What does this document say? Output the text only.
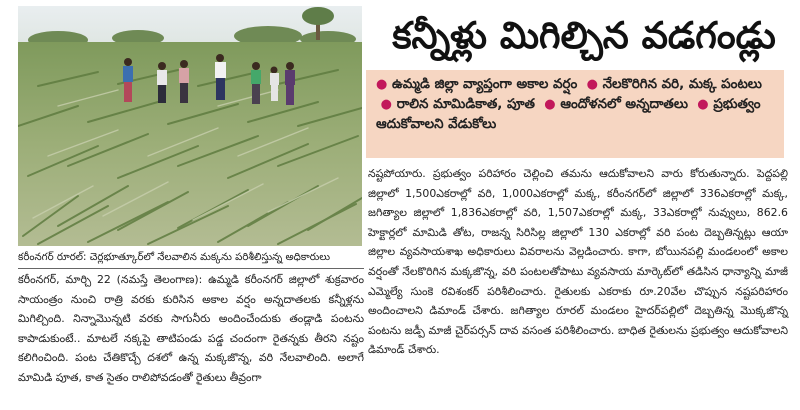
కరీంనగర్ రూరల్: చెర్లభూత్కూర్‌లో నేలవాలిన మక్కను పరిశీలిస్తున్న అధికారులు
కన్నీళ్లు మిగిల్చిన వడగండ్లు
● ఉమ్మడి జిల్లా వ్యాప్తంగా అకాల వర్షం ● నేలకొరిగిన వరి, మక్క పంటలు  ● రాలిన మామిడికాత, పూత ● ఆందోళనలో అన్నదాతలు ● ప్రభుత్వం ఆదుకోవాలని వేడుకోలు

నష్టపోయారు. ప్రభుత్వం పరిహారం చెల్లించి తమను ఆదుకోవాలని వారు కోరుతున్నారు. పెద్దపల్లి జిల్లాలో 1,500ఎకరాల్లో వరి, 1,000ఎకరాల్లో మక్క, కరీంనగర్‌లో జిల్లాలో 336ఎకరాల్లో మక్క, జగిత్యాల జిల్లాలో 1,836ఎకరాల్లో వరి, 1,507ఎకరాల్లో మక్క, 33ఎకరాల్లో నువ్వులు, 862.6 హెక్టార్లలో మామిడి తోట, రాజన్న సిరిసిల్ల జిల్లాలో 130 ఎకరాల్లో వరి పంట దెబ్బతిన్నట్లు ఆయా జిల్లాల వ్యవసాయశాఖ అధికారులు వివరాలను వెల్లడించారు. కాగా, బోయినపల్లి మండలంలో అకాల వర్షంతో నేలకొరిగిన మక్కజొన్న, వరి పంటలతోపాటు వ్యవసాయ మార్కెట్‌లో తడిసిన ధాన్యాన్ని మాజీ ఎమ్మెల్యే సుంకె రవిశంకర్ పరిశీలించారు. రైతులకు ఎకరాకు రూ.20వేల చొప్పున నష్టపరిహారం అందించాలని డిమాండ్ చేశారు. జగిత్యాల రూరల్ మండలం హైదర్‌పల్లిలో దెబ్బతిన్న మొక్కజొన్న పంటను జడ్పీ మాజీ చైర్‌పర్సన్ దావ వసంత పరిశీలించారు. బాధిత రైతులను ప్రభుత్వం ఆదుకోవాలని డిమాండ్ చేశారు.

కరీంనగర్, మార్చి 22 (నమస్తే తెలంగాణ): ఉమ్మడి కరీంనగర్ జిల్లాలో శుక్రవారం సాయంత్రం నుంచి రాత్రి వరకు కురిసిన అకాల వర్షం అన్నదాతలకు కన్నీళ్లను మిగిల్చింది. నిన్నామొన్నటి వరకు సాగునీరు అందించేందుకు తండ్లాడి పంటను కాపాడుకుంటే.. మాటలే నక్కపై తాటిపండు పడ్డ చందంగా రైతన్నకు తీరని నష్టం కలిగించింది. పంట చేతికొచ్చే దశలో ఉన్న మక్కజొన్న, వరి నేలవాలింది. అలాగే మామిడి పూత, కాత సైతం రాలిపోవడంతో రైతులు తీవ్రంగా
